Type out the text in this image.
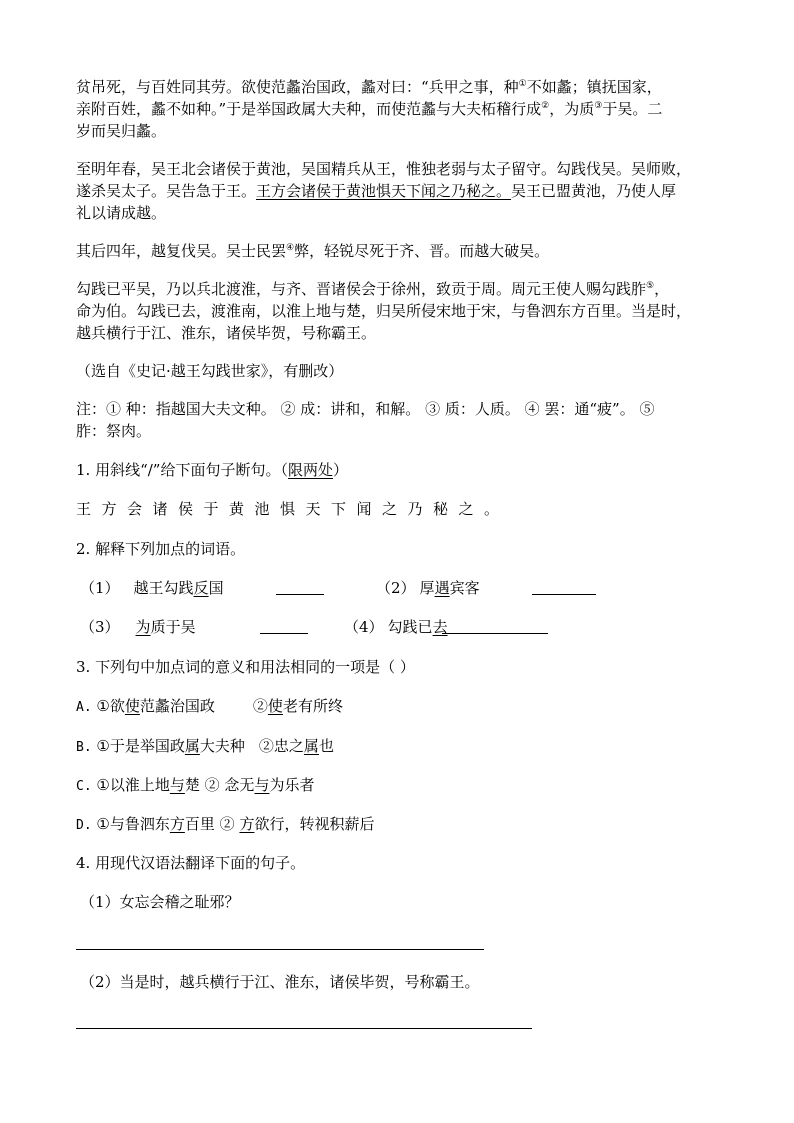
贫吊死，与百姓同其劳。欲使范蠡治国政，蠡对曰：“兵甲之事，种①不如蠡；镇抚国家，
亲附百姓，蠡不如种。”于是举国政属大夫种，而使范蠡与大夫柘稽行成②，为质③于吴。二
岁而吴归蠡。
至明年春，吴王北会诸侯于黄池，吴国精兵从王，惟独老弱与太子留守。勾践伐吴。吴师败，
遂杀吴太子。吴告急于王。王方会诸侯于黄池惧天下闻之乃秘之。吴王已盟黄池，乃使人厚
礼以请成越。
其后四年，越复伐吴。吴士民罢④弊，轻锐尽死于齐、晋。而越大破吴。
勾践已平吴，乃以兵北渡淮，与齐、晋诸侯会于徐州，致贡于周。周元王使人赐勾践胙⑤，
命为伯。勾践已去，渡淮南，以淮上地与楚，归吴所侵宋地于宋，与鲁泗东方百里。当是时，
越兵横行于江、淮东，诸侯毕贺，号称霸王。
（选自《史记·越王勾践世家》，有删改）
注：① 种：指越国大夫文种。 ② 成：讲和，和解。 ③ 质：人质。 ④ 罢：通“疲”。 ⑤
胙：祭肉。
1. 用斜线“/”给下面句子断句。（限两处）
王方会诸侯于黄池惧天下闻之乃秘之。
2. 解释下列加点的词语。
（1） 越王勾践反国	（2） 厚遇宾客
（3） 为质于吴	（4） 勾践已去
3. 下列句中加点词的意义和用法相同的一项是（ ）
A. ①欲使范蠡治国政	②使老有所终
B. ①于是举国政属大夫种 ②忠之属也
C. ①以淮上地与楚 ② 念无与为乐者
D. ①与鲁泗东方百里 ② 方欲行，转视积薪后
4. 用现代汉语法翻译下面的句子。
（1）女忘会稽之耻邪？
（2）当是时，越兵横行于江、淮东，诸侯毕贺，号称霸王。
